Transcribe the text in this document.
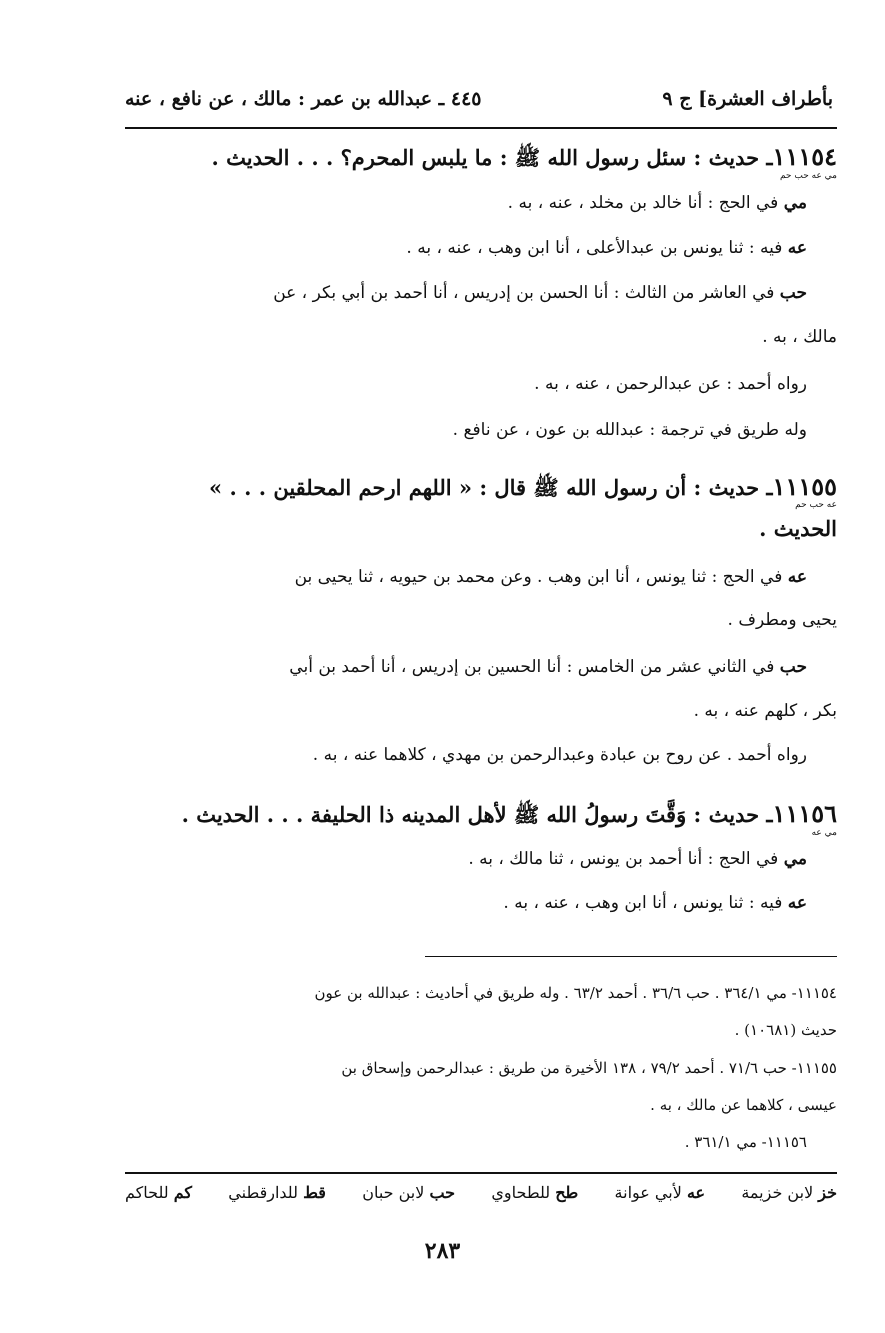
بأطراف العشرة] ج ٩
٤٤٥ ـ عبدالله بن عمر : مالك ، عن نافع ، عنه
١١١٥٤ـ حديث : سئل رسول الله ﷺ : ما يلبس المحرم؟ . . . الحديث .
مي عه حب حم
مي في الحج : أنا خالد بن مخلد ، عنه ، به .
عه فيه : ثنا يونس بن عبدالأعلى ، أنا ابن وهب ، عنه ، به .
حب في العاشر من الثالث : أنا الحسن بن إدريس ، أنا أحمد بن أبي بكر ، عن
مالك ، به .
رواه أحمد : عن عبدالرحمن ، عنه ، به .
وله طريق في ترجمة : عبدالله بن عون ، عن نافع .
١١١٥٥ـ حديث : أن رسول الله ﷺ قال : « اللهم ارحم المحلقين . . . »
عه حب حم
الحديث .
عه في الحج : ثنا يونس ، أنا ابن وهب . وعن محمد بن حيويه ، ثنا يحيى بن
يحيى ومطرف .
حب في الثاني عشر من الخامس : أنا الحسين بن إدريس ، أنا أحمد بن أبي
بكر ، كلهم عنه ، به .
رواه أحمد . عن روح بن عبادة وعبدالرحمن بن مهدي ، كلاهما عنه ، به .
١١١٥٦ـ حديث : وَقَّتَ رسولُ الله ﷺ لأهل المدينه ذا الحليفة . . . الحديث .
مي عه
مي في الحج : أنا أحمد بن يونس ، ثنا مالك ، به .
عه فيه : ثنا يونس ، أنا ابن وهب ، عنه ، به .
١١١٥٤- مي ٣٦٤/١ . حب ٣٦/٦ . أحمد ٦٣/٢ . وله طريق في أحاديث : عبدالله بن عون
حديث (١٠٦٨١) .
١١١٥٥- حب ٧١/٦ . أحمد ٧٩/٢ ، ١٣٨ الأخيرة من طريق : عبدالرحمن وإسحاق بن
عيسى ، كلاهما عن مالك ، به .
١١١٥٦- مي ٣٦١/١ .
خز لابن خزيمة
عه لأبي عوانة
طح للطحاوي
حب لابن حبان
قط للدارقطني
كم للحاكم
٢٨٣
